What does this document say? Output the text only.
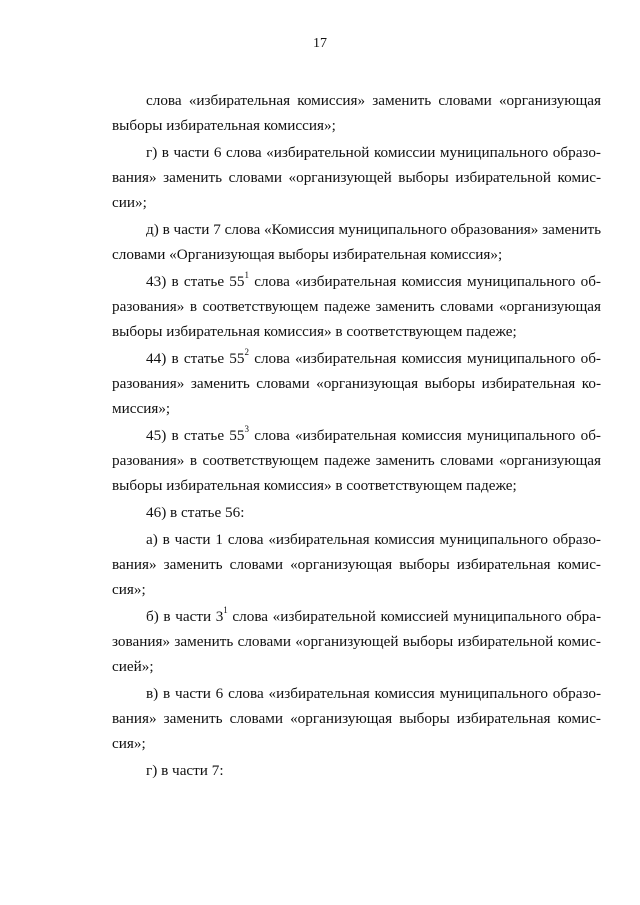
17
слова «избирательная комиссия» заменить словами «организующая
выборы избирательная комиссия»;
г) в части 6 слова «избирательной комиссии муниципального образо-
вания» заменить словами «организующей выборы избирательной комис-
сии»;
д) в части 7 слова «Комиссия муниципального образования» заменить
словами «Организующая выборы избирательная комиссия»;
43) в статье $55^1$ слова «избирательная комиссия муниципального об-
разования» в соответствующем падеже заменить словами «организующая
выборы избирательная комиссия» в соответствующем падеже;
44) в статье $55^2$ слова «избирательная комиссия муниципального об-
разования» заменить словами «организующая выборы избирательная ко-
миссия»;
45) в статье $55^3$ слова «избирательная комиссия муниципального об-
разования» в соответствующем падеже заменить словами «организующая
выборы избирательная комиссия» в соответствующем падеже;
46) в статье 56:
а) в части 1 слова «избирательная комиссия муниципального образо-
вания» заменить словами «организующая выборы избирательная комис-
сия»;
б) в части $3^1$ слова «избирательной комиссией муниципального обра-
зования» заменить словами «организующей выборы избирательной комис-
сией»;
в) в части 6 слова «избирательная комиссия муниципального образо-
вания» заменить словами «организующая выборы избирательная комис-
сия»;
г) в части 7:
